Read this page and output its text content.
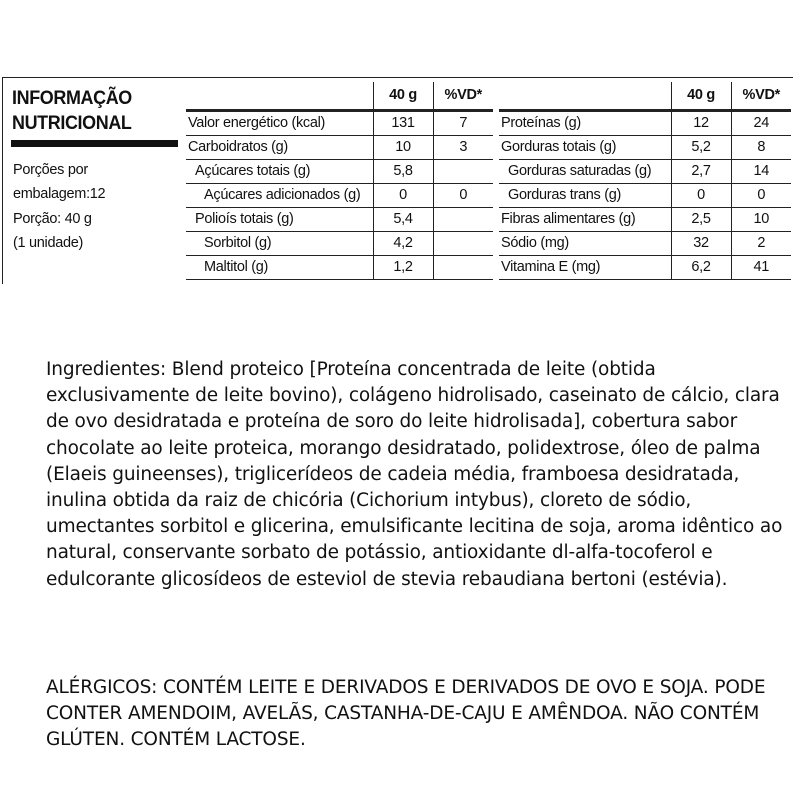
INFORMAÇÃO
NUTRICIONAL
Porções por
embalagem:12
Porção: 40 g
(1 unidade)
	40 g	%VD*
Valor energético (kcal)	131	7
Carboidratos (g)	10	3
Açúcares totais (g)	5,8	
Açúcares adicionados (g)	0	0
Polioís totais (g)	5,4	
Sorbitol (g)	4,2	
Maltitol (g)	1,2	
	40 g	%VD*
Proteínas (g)	12	24
Gorduras totais (g)	5,2	8
Gorduras saturadas (g)	2,7	14
Gorduras trans (g)	0	0
Fibras alimentares (g)	2,5	10
Sódio (mg)	32	2
Vitamina E (mg)	6,2	41
Ingredientes: Blend proteico [Proteína concentrada de leite (obtida exclusivamente de leite bovino), colágeno hidrolisado, caseinato de cálcio, clara de ovo desidratada e proteína de soro do leite hidrolisada], cobertura sabor chocolate ao leite proteica, morango desidratado, polidextrose, óleo de palma (Elaeis guineenses), triglicerídeos de cadeia média, framboesa desidratada, inulina obtida da raiz de chicória (Cichorium intybus), cloreto de sódio, umectantes sorbitol e glicerina, emulsificante lecitina de soja, aroma idêntico ao natural, conservante sorbato de potássio, antioxidante dl-alfa-tocoferol e edulcorante glicosídeos de esteviol de stevia rebaudiana bertoni (estévia).
ALÉRGICOS: CONTÉM LEITE E DERIVADOS E DERIVADOS DE OVO E SOJA. PODE CONTER AMENDOIM, AVELÃS, CASTANHA-DE-CAJU E AMÊNDOA. NÃO CONTÉM GLÚTEN. CONTÉM LACTOSE.
